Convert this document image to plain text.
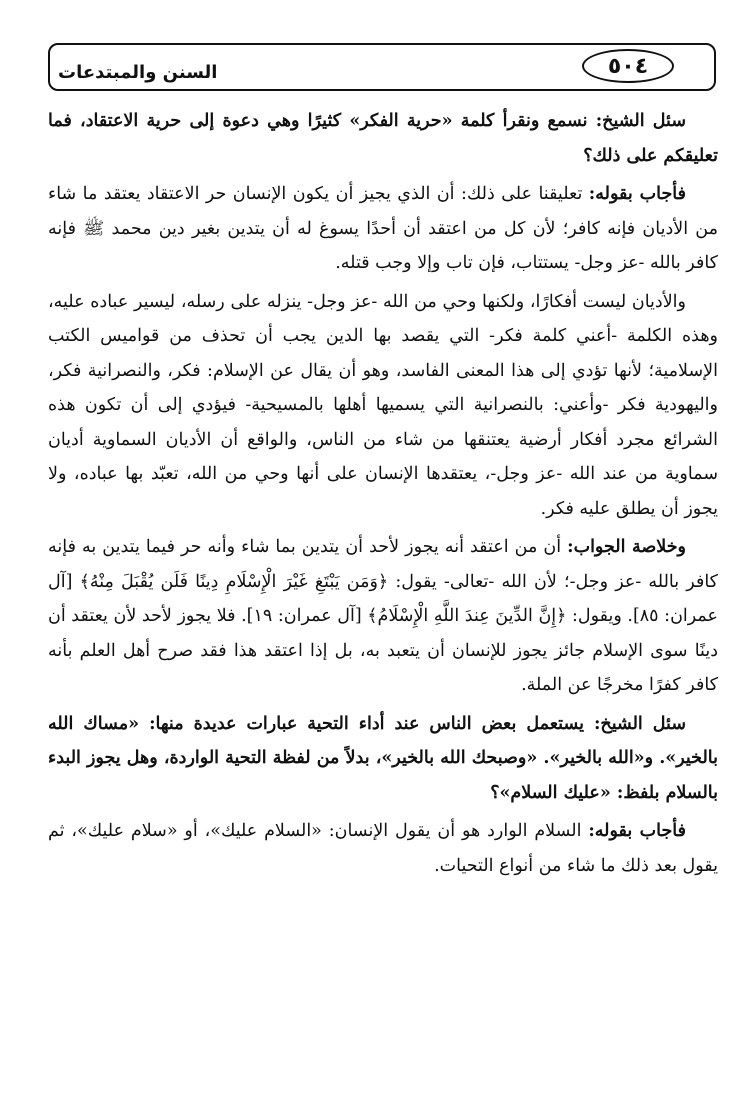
٥٠٤
السنن والمبتدعات

سئل الشيخ: نسمع ونقرأ كلمة «حرية الفكر» كثيرًا وهي دعوة إلى حرية الاعتقاد، فما تعليقكم على ذلك؟

فأجاب بقوله: تعليقنا على ذلك: أن الذي يجيز أن يكون الإنسان حر الاعتقاد يعتقد ما شاء من الأديان فإنه كافر؛ لأن كل من اعتقد أن أحدًا يسوغ له أن يتدين بغير دين محمد ﷺ فإنه كافر بالله -عز وجل- يستتاب، فإن تاب وإلا وجب قتله.

والأديان ليست أفكارًا، ولكنها وحي من الله -عز وجل- ينزله على رسله، ليسير عباده عليه، وهذه الكلمة -أعني كلمة فكر- التي يقصد بها الدين يجب أن تحذف من قواميس الكتب الإسلامية؛ لأنها تؤدي إلى هذا المعنى الفاسد، وهو أن يقال عن الإسلام: فكر، والنصرانية فكر، واليهودية فكر -وأعني: بالنصرانية التي يسميها أهلها بالمسيحية- فيؤدي إلى أن تكون هذه الشرائع مجرد أفكار أرضية يعتنقها من شاء من الناس، والواقع أن الأديان السماوية أديان سماوية من عند الله -عز وجل-، يعتقدها الإنسان على أنها وحي من الله، تعبّد بها عباده، ولا يجوز أن يطلق عليه فكر.

وخلاصة الجواب: أن من اعتقد أنه يجوز لأحد أن يتدين بما شاء وأنه حر فيما يتدين به فإنه كافر بالله -عز وجل-؛ لأن الله -تعالى- يقول: ﴿وَمَن يَبْتَغِ غَيْرَ الْإِسْلَامِ دِينًا فَلَن يُقْبَلَ مِنْهُ﴾ [آل عمران: ٨٥]. ويقول: ﴿إِنَّ الدِّينَ عِندَ اللَّهِ الْإِسْلَامُ﴾ [آل عمران: ١٩]. فلا يجوز لأحد لأن يعتقد أن دينًا سوى الإسلام جائز يجوز للإنسان أن يتعبد به، بل إذا اعتقد هذا فقد صرح أهل العلم بأنه كافر كفرًا مخرجًا عن الملة.

سئل الشيخ: يستعمل بعض الناس عند أداء التحية عبارات عديدة منها: «مساك الله بالخير». و«الله بالخير». «وصبحك الله بالخير»، بدلاً من لفظة التحية الواردة، وهل يجوز البدء بالسلام بلفظ: «عليك السلام»؟

فأجاب بقوله: السلام الوارد هو أن يقول الإنسان: «السلام عليك»، أو «سلام عليك»، ثم يقول بعد ذلك ما شاء من أنواع التحيات.
